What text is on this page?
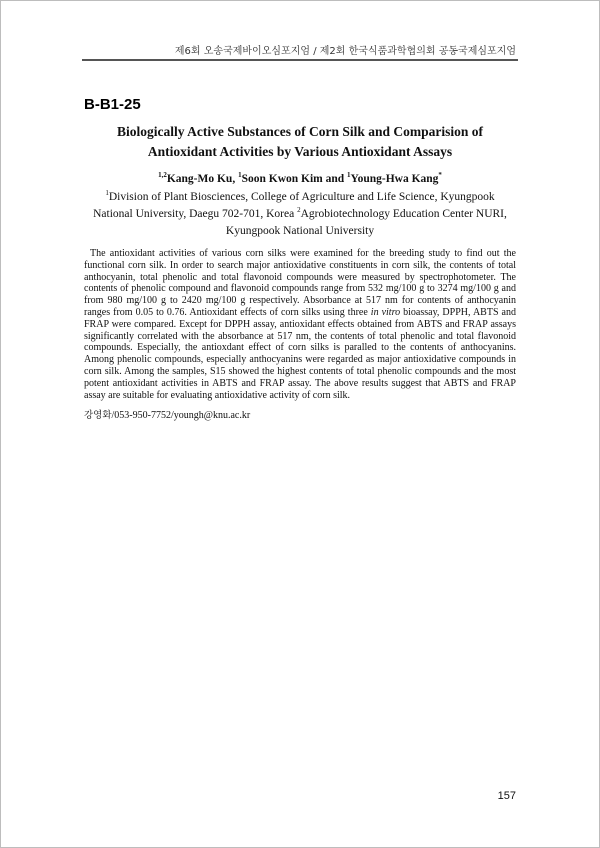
제6회 오송국제바이오심포지엄 / 제2회 한국식품과학협의회 공동국제심포지엄
B-B1-25
Biologically Active Substances of Corn Silk and Comparision of
Antioxidant Activities by Various Antioxidant Assays
$^{1,2}$Kang-Mo Ku, $^1$Soon Kwon Kim and $^1$Young-Hwa Kang*
$^1$Division of Plant Biosciences, College of Agriculture and Life Science, Kyungpook
National University, Daegu 702-701, Korea $^2$Agrobiotechnology Education Center NURI,
Kyungpook National University

The antioxidant activities of various corn silks were examined for the breeding study to find out the functional corn silk. In order to search major antioxidative constituents in corn silk, the contents of total anthocyanin, total phenolic and total flavonoid compounds were measured by spectrophotometer. The contents of phenolic compound and flavonoid compounds range from 532 mg/100 g to 3274 mg/100 g and from 980 mg/100 g to 2420 mg/100 g respectively. Absorbance at 517 nm for contents of anthocyanin ranges from 0.05 to 0.76. Antioxidant effects of corn silks using three in vitro bioassay, DPPH, ABTS and FRAP were compared. Except for DPPH assay, antioxidant effects obtained from ABTS and FRAP assays significantly correlated with the absorbance at 517 nm, the contents of total phenolic and total flavonoid compounds. Especially, the antioxdant effect of corn silks is paralled to the contents of anthocyanins. Among phenolic compounds, especially anthocyanins were regarded as major antioxidative compounds in corn silk. Among the samples, S15 showed the highest contents of total phenolic compounds and the most potent antioxidant activities in ABTS and FRAP assay. The above results suggest that ABTS and FRAP assay are suitable for evaluating antioxidative activity of corn silk.

강영화/053-950-7752/youngh@knu.ac.kr
157
